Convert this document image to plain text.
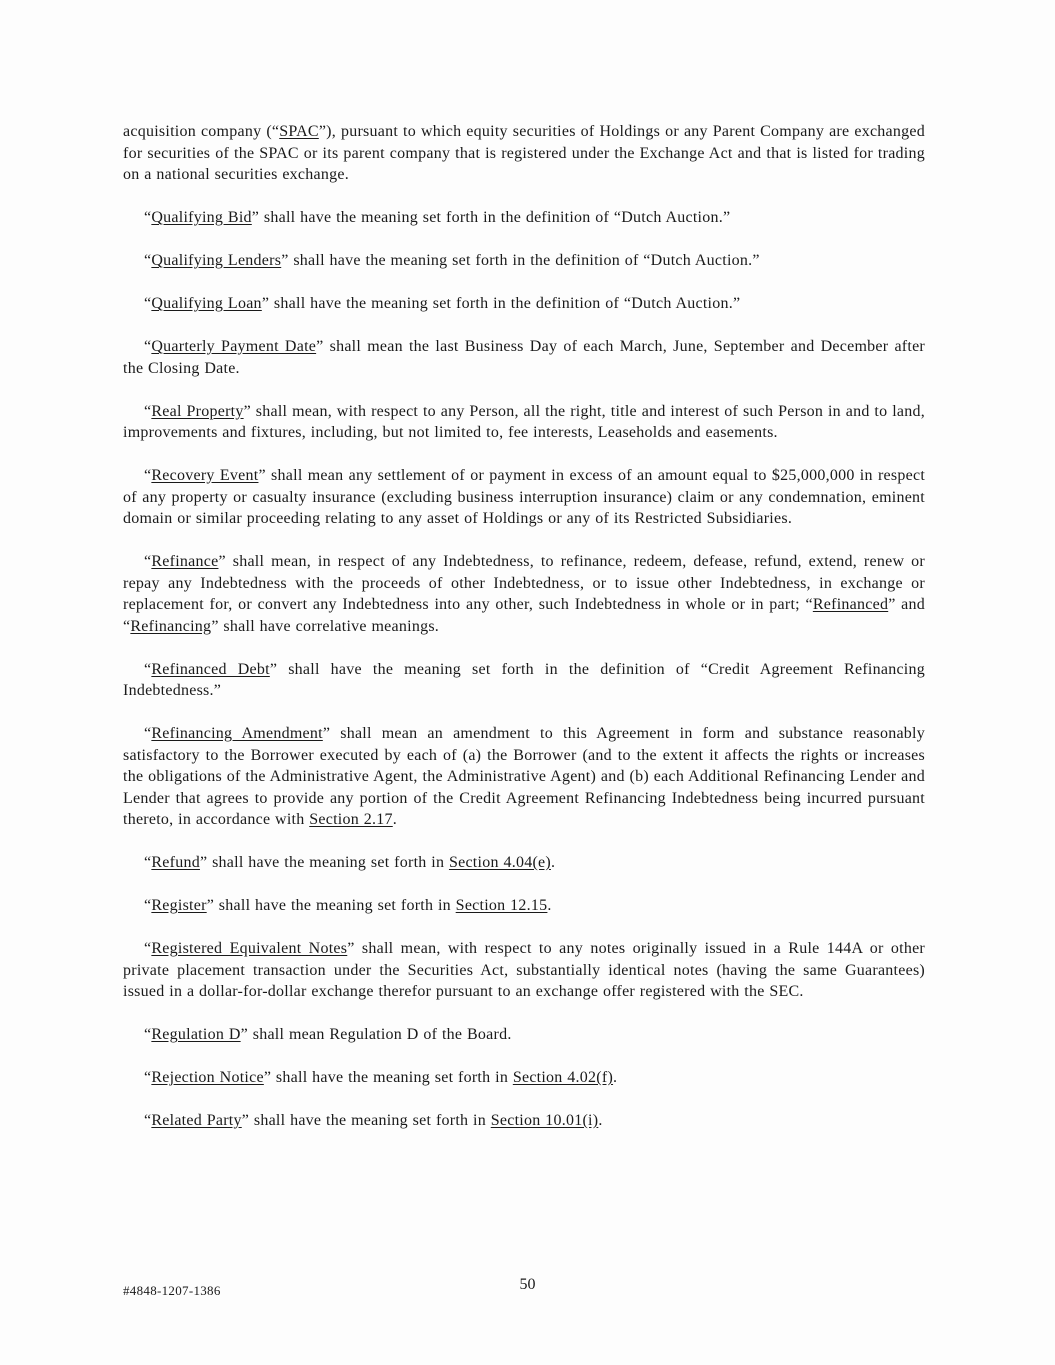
acquisition company (“SPAC”), pursuant to which equity securities of Holdings or any Parent Company are exchanged for securities of the SPAC or its parent company that is registered under the Exchange Act and that is listed for trading on a national securities exchange.

“Qualifying Bid” shall have the meaning set forth in the definition of “Dutch Auction.”

“Qualifying Lenders” shall have the meaning set forth in the definition of “Dutch Auction.”

“Qualifying Loan” shall have the meaning set forth in the definition of “Dutch Auction.”

“Quarterly Payment Date” shall mean the last Business Day of each March, June, September and December after the Closing Date.

“Real Property” shall mean, with respect to any Person, all the right, title and interest of such Person in and to land, improvements and fixtures, including, but not limited to, fee interests, Leaseholds and easements.

“Recovery Event” shall mean any settlement of or payment in excess of an amount equal to $25,000,000 in respect of any property or casualty insurance (excluding business interruption insurance) claim or any condemnation, eminent domain or similar proceeding relating to any asset of Holdings or any of its Restricted Subsidiaries.

“Refinance” shall mean, in respect of any Indebtedness, to refinance, redeem, defease, refund, extend, renew or repay any Indebtedness with the proceeds of other Indebtedness, or to issue other Indebtedness, in exchange or replacement for, or convert any Indebtedness into any other, such Indebtedness in whole or in part; “Refinanced” and “Refinancing” shall have correlative meanings.

“Refinanced Debt” shall have the meaning set forth in the definition of “Credit Agreement Refinancing Indebtedness.”

“Refinancing Amendment” shall mean an amendment to this Agreement in form and substance reasonably satisfactory to the Borrower executed by each of (a) the Borrower (and to the extent it affects the rights or increases the obligations of the Administrative Agent, the Administrative Agent) and (b) each Additional Refinancing Lender and Lender that agrees to provide any portion of the Credit Agreement Refinancing Indebtedness being incurred pursuant thereto, in accordance with Section 2.17.

“Refund” shall have the meaning set forth in Section 4.04(e).

“Register” shall have the meaning set forth in Section 12.15.

“Registered Equivalent Notes” shall mean, with respect to any notes originally issued in a Rule 144A or other private placement transaction under the Securities Act, substantially identical notes (having the same Guarantees) issued in a dollar-for-dollar exchange therefor pursuant to an exchange offer registered with the SEC.

“Regulation D” shall mean Regulation D of the Board.

“Rejection Notice” shall have the meaning set forth in Section 4.02(f).

“Related Party” shall have the meaning set forth in Section 10.01(i).

#4848-1207-1386	50
